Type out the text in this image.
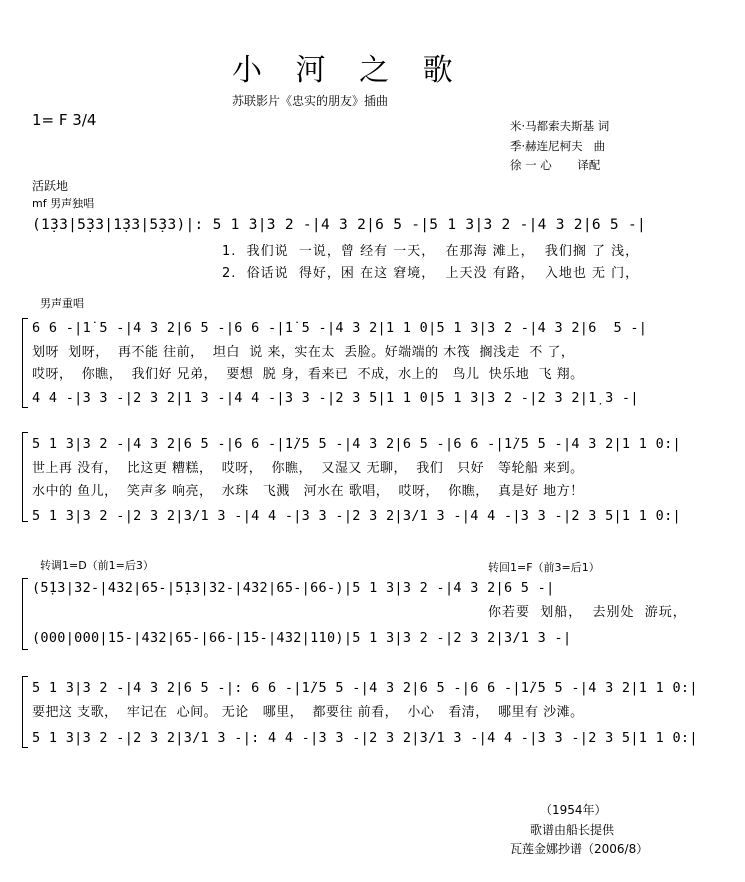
小 河 之 歌
苏联影片《忠实的朋友》插曲
1= F 3/4	米·马都索夫斯基 词
季·赫连尼柯夫   曲
徐 一 心       译配
活跃地
mf 男声独唱
(1̣33|5̣33|1̣33|5̣33)|: 5 1 3|3 2 -|4 3 2|6 5 -|5 1 3|3 2 -|4 3 2|6 5 -|
1.  我们说  一说，曾 经有 一天，  在那海 滩上，  我们搁 了 浅，
2.  俗话说  得好，困 在这 窘境，  上天没 有路，  入地也 无 门，
男声重唱
6 6 -|1̇ 5 -|4 3 2|6 5 -|6 6 -|1̇ 5 -|4 3 2|1 1 0|5 1 3|3 2 -|4 3 2|6  5 -|
划呀  划呀，  再不能 往前，  坦白  说 来，实在太  丢脸。好端端的 木筏  搁浅走  不 了，
哎呀，  你瞧，  我们好 兄弟，  要想  脱 身，看来已  不成，水上的   鸟儿  快乐地  飞 翔。
4 4 -|3 3 -|2 3 2|1 3 -|4 4 -|3 3 -|2 3 5|1 1 0|5 1 3|3 2 -|2 3 2|1̣ 3 -|
5 1 3|3 2 -|4 3 2|6 5 -|6 6 -|1̇/5 5 -|4 3 2|6 5 -|6 6 -|1̇/5 5 -|4 3 2|1 1 0:|
世上再 没有，  比这更 糟糕，  哎呀，  你瞧，  又湿又 无聊，  我们   只好   等轮船 来到。
水中的 鱼儿，  笑声多 响亮，  水珠   飞溅   河水在 歌唱，  哎呀，  你瞧，  真是好 地方！
5 1 3|3 2 -|2 3 2|3/1 3 -|4 4 -|3 3 -|2 3 2|3/1 3 -|4 4 -|3 3 -|2 3 5|1 1 0:|
转调1=D（前1=后3）	转回1=F（前3=后1）
(5̣13|32-|432|65-|5̣13|32-|432|65-|66-)|5 1 3|3 2 -|4 3 2|6 5 -|
你若要  划船，  去别处  游玩，
(000|000|1̇5-|432|65-|66-|1̇5-|432|110)|5 1 3|3 2 -|2 3 2|3/1 3 -|
5 1 3|3 2 -|4 3 2|6 5 -|: 6 6 -|1̇/5 5 -|4 3 2|6 5 -|6 6 -|1̇/5 5 -|4 3 2|1 1 0:|
要把这 支歌，  牢记在  心间。 无论   哪里，  都要往 前看，  小心   看清，  哪里有 沙滩。
5 1 3|3 2 -|2 3 2|3/1 3 -|: 4 4 -|3 3 -|2 3 2|3/1 3 -|4 4 -|3 3 -|2 3 5|1 1 0:|
（1954年）
歌谱由船长提供
瓦莲金娜抄谱（2006/8）
